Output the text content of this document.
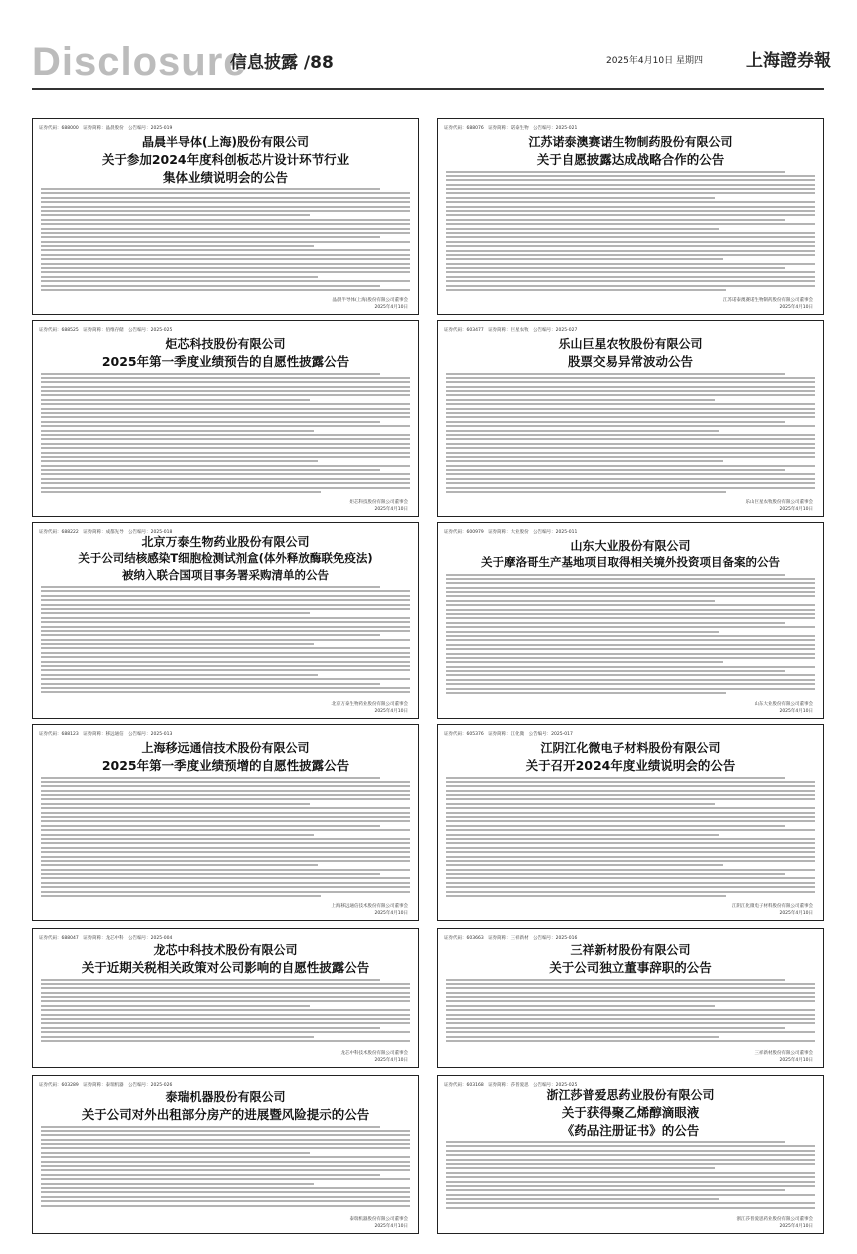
Disclosure
信息披露 /88	2025年4月10日 星期四	上海證券報
证券代码：688000　证券简称：晶晨股份　公告编号：2025-019
晶晨半导体(上海)股份有限公司
关于参加2024年度科创板芯片设计环节行业
集体业绩说明会的公告
晶晨半导体(上海)股份有限公司董事会
2025年4月10日
证券代码：688076　证券简称：诺泰生物　公告编号：2025-021
江苏诺泰澳赛诺生物制药股份有限公司
关于自愿披露达成战略合作的公告
江苏诺泰澳赛诺生物制药股份有限公司董事会
2025年4月10日
证券代码：688525　证券简称：佰维存储　公告编号：2025-025
炬芯科技股份有限公司
2025年第一季度业绩预告的自愿性披露公告
炬芯科技股份有限公司董事会
2025年4月10日
证券代码：603477　证券简称：巨星农牧　公告编号：2025-027
乐山巨星农牧股份有限公司
股票交易异常波动公告
乐山巨星农牧股份有限公司董事会
2025年4月10日
证券代码：688222　证券简称：成都先导　公告编号：2025-018
北京万泰生物药业股份有限公司
关于公司结核感染T细胞检测试剂盒(体外释放酶联免疫法)
被纳入联合国项目事务署采购清单的公告
北京万泰生物药业股份有限公司董事会
2025年4月10日
证券代码：600979　证券简称：大业股份　公告编号：2025-011
山东大业股份有限公司
关于摩洛哥生产基地项目取得相关境外投资项目备案的公告
山东大业股份有限公司董事会
2025年4月10日
证券代码：688123　证券简称：移远通信　公告编号：2025-013
上海移远通信技术股份有限公司
2025年第一季度业绩预增的自愿性披露公告
上海移远通信技术股份有限公司董事会
2025年4月10日
证券代码：605376　证券简称：江化微　公告编号：2025-017
江阴江化微电子材料股份有限公司
关于召开2024年度业绩说明会的公告
江阴江化微电子材料股份有限公司董事会
2025年4月10日
证券代码：688047　证券简称：龙芯中科　公告编号：2025-004
龙芯中科技术股份有限公司
关于近期关税相关政策对公司影响的自愿性披露公告
龙芯中科技术股份有限公司董事会
2025年4月10日
证券代码：603663　证券简称：三祥新材　公告编号：2025-016
三祥新材股份有限公司
关于公司独立董事辞职的公告
三祥新材股份有限公司董事会
2025年4月10日
证券代码：603289　证券简称：泰瑞机器　公告编号：2025-026
泰瑞机器股份有限公司
关于公司对外出租部分房产的进展暨风险提示的公告
泰瑞机器股份有限公司董事会
2025年4月10日
证券代码：603168　证券简称：莎普爱思　公告编号：2025-025
浙江莎普爱思药业股份有限公司
关于获得聚乙烯醇滴眼液
《药品注册证书》的公告
浙江莎普爱思药业股份有限公司董事会
2025年4月10日
